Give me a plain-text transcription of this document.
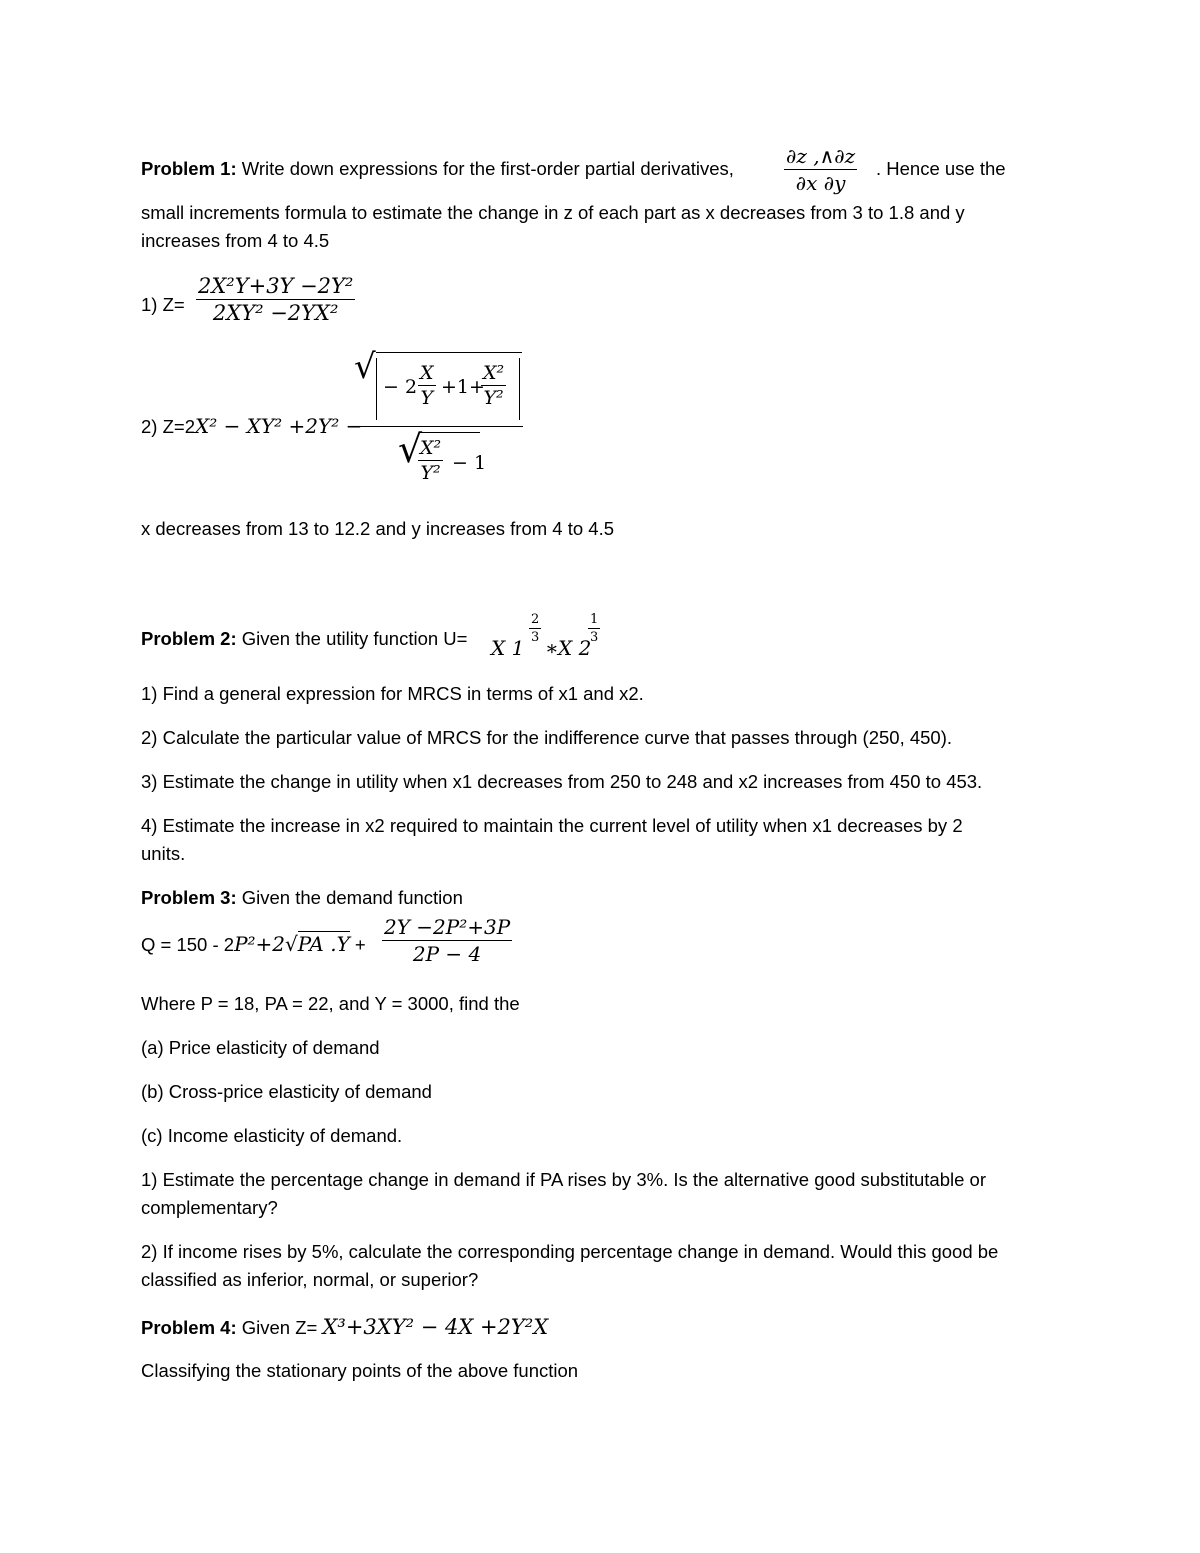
Problem 1: Write down expressions for the first-order partial derivatives,	$\frac{\partial z ,\wedge\partial z}{\partial x \partial y}$ . Hence use the
small increments formula to estimate the change in z of each part as x decreases from 3 to 1.8 and y
increases from 4 to 4.5
1) $Z= \frac{\text{2X²Y+3Y −2Y²}}{\text{2XY² −2YX²}}$
2) Z=2X² − XY² +2Y² −
√ − $2 \frac{X}{Y} +1+$
$\frac{\text{X²}}{\text{Y²}}$
√
$\frac{\text{X²}}{\text{Y²}} - 1$
x decreases from 13 to 12.2 and y increases from 4 to 4.5
Problem 2: Given the utility function U= X 1
$\frac{2}{3}$
∗ X 2
$\frac{1}{3}$
1) Find a general expression for MRCS in terms of x1 and x2.
2) Calculate the particular value of MRCS for the indifference curve that passes through (250, 450).
3) Estimate the change in utility when x1 decreases from 250 to 248 and x2 increases from 450 to 453.
4) Estimate the increase in x2 required to maintain the current level of utility when x1 decreases by 2
units.
Problem 3: Given the demand function
Q = 150 - 2P²+2√PA $.Y + \frac{\text{2Y −2P²+3P}}{2P - 4}$
Where P = 18, PA = 22, and Y = 3000, find the
(a) Price elasticity of demand
(b) Cross-price elasticity of demand
(c) Income elasticity of demand.
1) Estimate the percentage change in demand if PA rises by 3%. Is the alternative good substitutable or
complementary?
2) If income rises by 5%, calculate the corresponding percentage change in demand. Would this good be
classified as inferior, normal, or superior?
Problem 4: Given Z= X³+3XY² − 4X +2Y²X
Classifying the stationary points of the above function
